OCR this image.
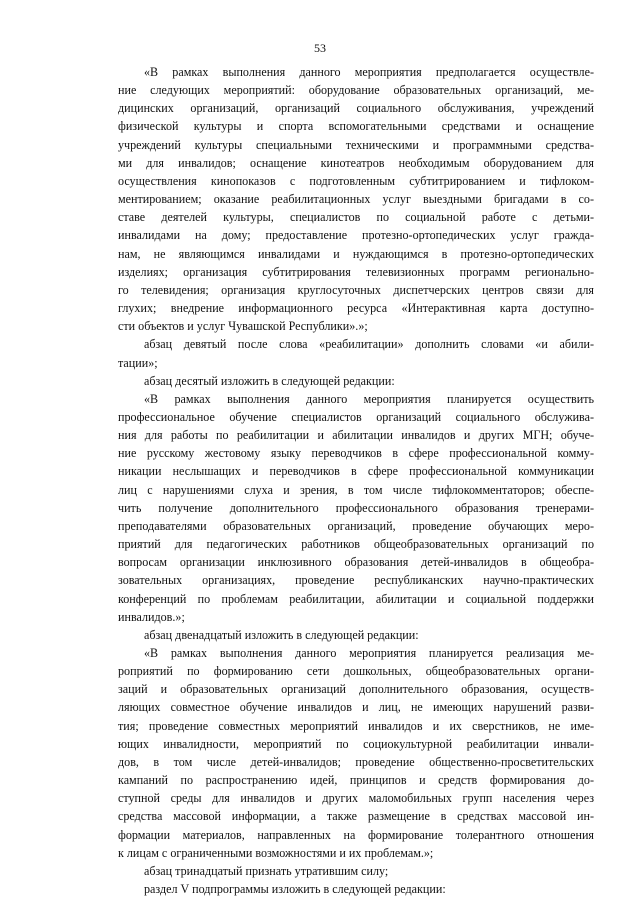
53
«В рамках выполнения данного мероприятия предполагается осуществле-
ние следующих мероприятий: оборудование образовательных организаций, ме-
дицинских организаций, организаций социального обслуживания, учреждений
физической культуры и спорта вспомогательными средствами и оснащение
учреждений культуры специальными техническими и программными средства-
ми для инвалидов; оснащение кинотеатров необходимым оборудованием для
осуществления кинопоказов с подготовленным субтитрированием и тифлоком-
ментированием; оказание реабилитационных услуг выездными бригадами в со-
ставе деятелей культуры, специалистов по социальной работе с детьми-
инвалидами на дому; предоставление протезно-ортопедических услуг гражда-
нам, не являющимся инвалидами и нуждающимся в протезно-ортопедических
изделиях; организация субтитрирования телевизионных программ регионально-
го телевидения; организация круглосуточных диспетчерских центров связи для
глухих; внедрение информационного ресурса «Интерактивная карта доступно-
сти объектов и услуг Чувашской Республики».»;
абзац девятый после слова «реабилитации» дополнить словами «и абили-
тации»;
абзац десятый изложить в следующей редакции:
«В рамках выполнения данного мероприятия планируется осуществить
профессиональное обучение специалистов организаций социального обслужива-
ния для работы по реабилитации и абилитации инвалидов и других МГН; обуче-
ние русскому жестовому языку переводчиков в сфере профессиональной комму-
никации неслышащих и переводчиков в сфере профессиональной коммуникации
лиц с нарушениями слуха и зрения, в том числе тифлокомментаторов; обеспе-
чить получение дополнительного профессионального образования тренерами-
преподавателями образовательных организаций, проведение обучающих меро-
приятий для педагогических работников общеобразовательных организаций по
вопросам организации инклюзивного образования детей-инвалидов в общеобра-
зовательных организациях, проведение республиканских научно-практических
конференций по проблемам реабилитации, абилитации и социальной поддержки
инвалидов.»;
абзац двенадцатый изложить в следующей редакции:
«В рамках выполнения данного мероприятия планируется реализация ме-
роприятий по формированию сети дошкольных, общеобразовательных органи-
заций и образовательных организаций дополнительного образования, осуществ-
ляющих совместное обучение инвалидов и лиц, не имеющих нарушений разви-
тия; проведение совместных мероприятий инвалидов и их сверстников, не име-
ющих инвалидности, мероприятий по социокультурной реабилитации инвали-
дов, в том числе детей-инвалидов; проведение общественно-просветительских
кампаний по распространению идей, принципов и средств формирования до-
ступной среды для инвалидов и других маломобильных групп населения через
средства массовой информации, а также размещение в средствах массовой ин-
формации материалов, направленных на формирование толерантного отношения
к лицам с ограниченными возможностями и их проблемам.»;
абзац тринадцатый признать утратившим силу;
раздел V подпрограммы изложить в следующей редакции:
